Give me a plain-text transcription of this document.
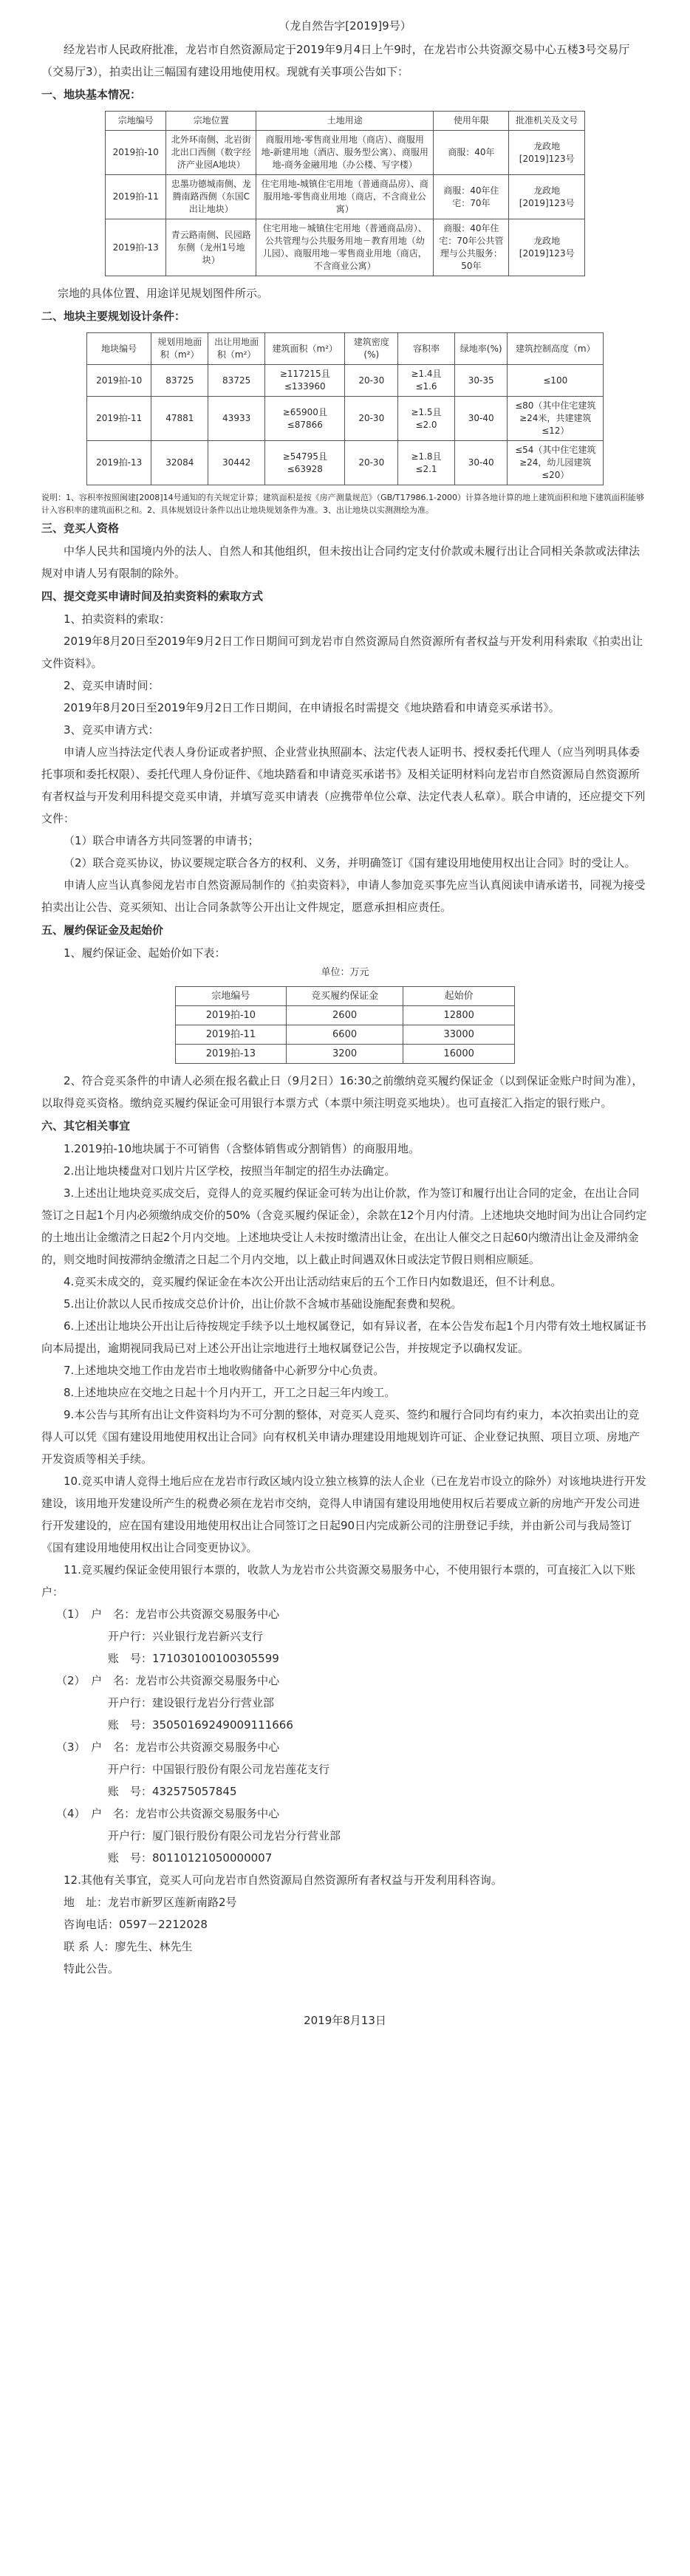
（龙自然告字[2019]9号）

经龙岩市人民政府批准，龙岩市自然资源局定于2019年9月4日上午9时，在龙岩市公共资源交易中心五楼3号交易厅（交易厅3），拍卖出让三幅国有建设用地使用权。现就有关事项公告如下：

一、地块基本情况：

宗地编号	宗地位置	土地用途	使用年限	批准机关及文号
2019拍-10	北外环南侧、北岩街北出口西侧（数字经济产业园A地块）	商服用地-零售商业用地（商店）、商服用地-新建用地（酒店、服务型公寓）、商服用地-商务金融用地（办公楼、写字楼）	商服：40年	龙政地[2019]123号
2019拍-11	忠墨功德城南侧、龙腾南路西侧（东国C出让地块）	住宅用地-城镇住宅用地（普通商品房）、商服用地-零售商业用地（商店，不含商业公寓）	商服：40年住宅：70年	龙政地[2019]123号
2019拍-13	青云路南侧、民园路东侧（龙州1号地块）	住宅用地－城镇住宅用地（普通商品房）、公共管理与公共服务用地－教育用地（幼儿园）、商服用地－零售商业用地（商店，不含商业公寓）	商服：40年住宅：70年公共管理与公共服务：50年	龙政地[2019]123号

宗地的具体位置、用途详见规划图件所示。

二、地块主要规划设计条件：

地块编号	规划用地面积（m²）	出让用地面积（m²）	建筑面积（m²）	建筑密度(%)	容积率	绿地率(%)	建筑控制高度（m）
2019拍-10	83725	83725	≥117215且≤133960	20-30	≥1.4且≤1.6	30-35	≤100
2019拍-11	47881	43933	≥65900且≤87866	20-30	≥1.5且≤2.0	30-40	≤80（其中住宅建筑≥24米，共建建筑≤12）
2019拍-13	32084	30442	≥54795且≤63928	20-30	≥1.8且≤2.1	30-40	≤54（其中住宅建筑≥24，幼儿园建筑≤20）

说明：1、容积率按照闽建[2008]14号通知的有关规定计算；建筑面积是按《房产测量规范》（GB/T17986.1-2000）计算各地计算的地上建筑面积和地下建筑面积能够计入容积率的建筑面积之和。2、具体规划设计条件以出让地块规划条件为准。3、出让地块以实测测绘为准。

三、竞买人资格

中华人民共和国境内外的法人、自然人和其他组织，但未按出让合同约定支付价款或未履行出让合同相关条款或法律法规对申请人另有限制的除外。

四、提交竞买申请时间及拍卖资料的索取方式

1、拍卖资料的索取：

2019年8月20日至2019年9月2日工作日期间可到龙岩市自然资源局自然资源所有者权益与开发利用科索取《拍卖出让文件资料》。

2、竞买申请时间：

2019年8月20日至2019年9月2日工作日期间，在申请报名时需提交《地块踏看和申请竞买承诺书》。

3、竞买申请方式：

申请人应当持法定代表人身份证或者护照、企业营业执照副本、法定代表人证明书、授权委托代理人（应当列明具体委托事项和委托权限）、委托代理人身份证件、《地块踏看和申请竞买承诺书》及相关证明材料向龙岩市自然资源局自然资源所有者权益与开发利用科提交竞买申请，并填写竞买申请表（应携带单位公章、法定代表人私章）。联合申请的，还应提交下列文件：

（1）联合申请各方共同签署的申请书；

（2）联合竞买协议，协议要规定联合各方的权利、义务，并明确签订《国有建设用地使用权出让合同》时的受让人。

申请人应当认真参阅龙岩市自然资源局制作的《拍卖资料》，申请人参加竞买事先应当认真阅读申请承诺书，同视为接受拍卖出让公告、竞买须知、出让合同条款等公开出让文件规定，愿意承担相应责任。

五、履约保证金及起始价

1、履约保证金、起始价如下表：

单位：万元
宗地编号	竞买履约保证金	起始价
2019拍-10	2600	12800
2019拍-11	6600	33000
2019拍-13	3200	16000

2、符合竞买条件的申请人必须在报名截止日（9月2日）16:30之前缴纳竞买履约保证金（以到保证金账户时间为准），以取得竞买资格。缴纳竞买履约保证金可用银行本票方式（本票中须注明竞买地块）。也可直接汇入指定的银行账户。

六、其它相关事宜

1.2019拍-10地块属于不可销售（含整体销售或分割销售）的商服用地。

2.出让地块楼盘对口划片片区学校，按照当年制定的招生办法确定。

3.上述出让地块竞买成交后，竞得人的竞买履约保证金可转为出让价款，作为签订和履行出让合同的定金，在出让合同签订之日起1个月内必须缴纳成交价的50%（含竞买履约保证金），余款在12个月内付清。上述地块交地时间为出让合同约定的土地出让金缴清之日起2个月内交地。上述地块受让人未按时缴清出让金，在出让人催交之日起60内缴清出让金及滞纳金的，则交地时间按滞纳金缴清之日起二个月内交地，以上截止时间遇双休日或法定节假日则相应顺延。

4.竞买未成交的，竞买履约保证金在本次公开出让活动结束后的五个工作日内如数退还，但不计利息。

5.出让价款以人民币按成交总价计价，出让价款不含城市基础设施配套费和契税。

6.上述出让地块公开出让后待按规定手续予以土地权属登记，如有异议者，在本公告发布起1个月内带有效土地权属证书向本局提出，逾期视同我局已对上述公开出让宗地进行土地权属登记公告，并按规定予以确权发证。

7.上述地块交地工作由龙岩市土地收购储备中心新罗分中心负责。

8.上述地块应在交地之日起十个月内开工，开工之日起三年内竣工。

9.本公告与其所有出让文件资料均为不可分割的整体，对竞买人竞买、签约和履行合同均有约束力，本次拍卖出让的竞得人可以凭《国有建设用地使用权出让合同》向有权机关申请办理建设用地规划许可证、企业登记执照、项目立项、房地产开发资质等相关手续。

10.竞买申请人竞得土地后应在龙岩市行政区域内设立独立核算的法人企业（已在龙岩市设立的除外）对该地块进行开发建设，该用地开发建设所产生的税费必须在龙岩市交纳，竞得人申请国有建设用地使用权后若要成立新的房地产开发公司进行开发建设的，应在国有建设用地使用权出让合同签订之日起90日内完成新公司的注册登记手续，并由新公司与我局签订《国有建设用地使用权出让合同变更协议》。

11.竞买履约保证金使用银行本票的，收款人为龙岩市公共资源交易服务中心，不使用银行本票的，可直接汇入以下账户：

（1）　 户　名：龙岩市公共资源交易服务中心

开户行：兴业银行龙岩新兴支行

账　号：171030100100305599

（2）　 户　名：龙岩市公共资源交易服务中心

开户行：建设银行龙岩分行营业部

账　号：35050169249009111666

（3）　 户　名：龙岩市公共资源交易服务中心

开户行：中国银行股份有限公司龙岩莲花支行

账　号：432575057845

（4）　 户　名：龙岩市公共资源交易服务中心

开户行：厦门银行股份有限公司龙岩分行营业部

账　号：80110121050000007

12.其他有关事宜，竞买人可向龙岩市自然资源局自然资源所有者权益与开发利用科咨询。

地　址：龙岩市新罗区莲新南路2号

咨询电话：0597－2212028

联 系 人：廖先生、林先生

特此公告。

2019年8月13日
